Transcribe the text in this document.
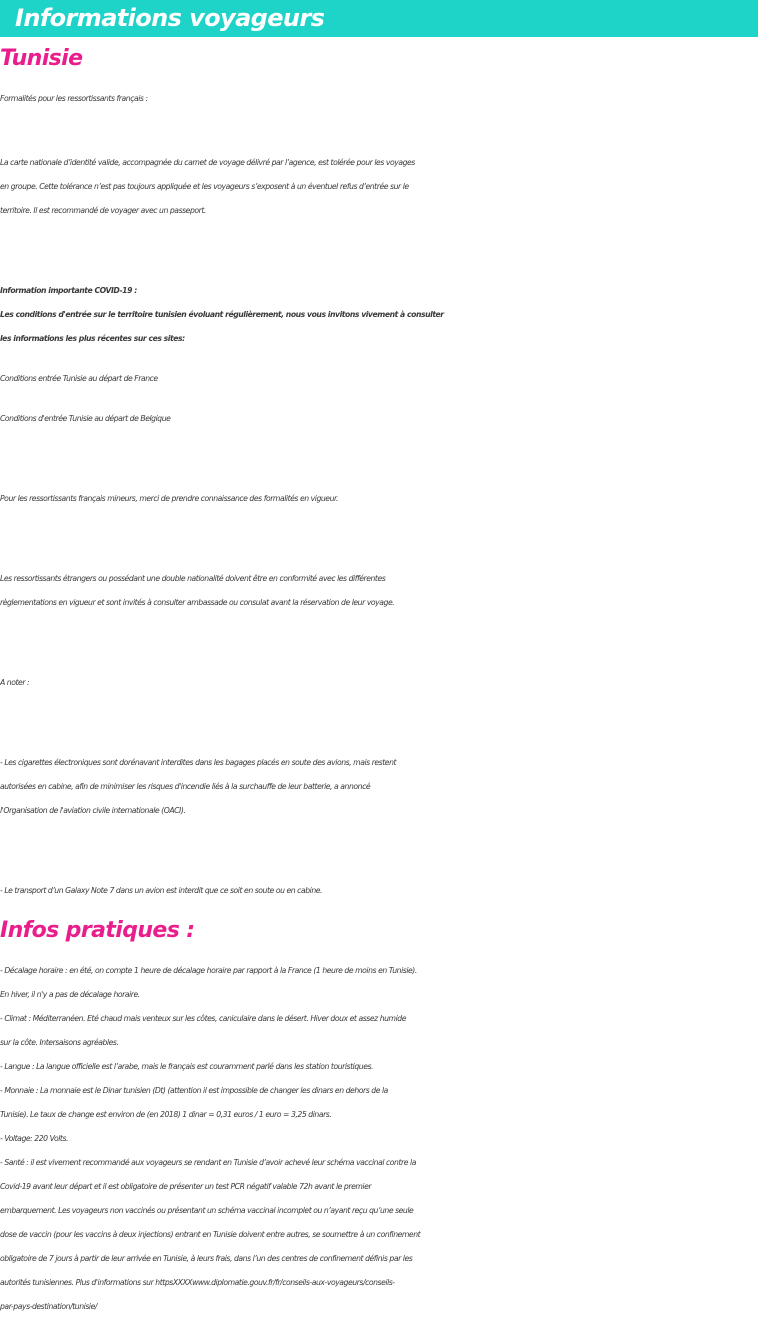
Informations voyageurs
Tunisie
Formalités pour les ressortissants français :
La carte nationale d’identité valide, accompagnée du carnet de voyage délivré par l’agence, est tolérée pour les voyages
en groupe. Cette tolérance n’est pas toujours appliquée et les voyageurs s’exposent à un éventuel refus d’entrée sur le
territoire. Il est recommandé de voyager avec un passeport.
Information importante COVID-19 :
Les conditions d'entrée sur le territoire tunisien évoluant régulièrement, nous vous invitons vivement à consulter
les informations les plus récentes sur ces sites:
Conditions entrée Tunisie au départ de France
Conditions d'entrée Tunisie au départ de Belgique
Pour les ressortissants français mineurs, merci de prendre connaissance des formalités en vigueur.
Les ressortissants étrangers ou possédant une double nationalité doivent être en conformité avec les différentes
règlementations en vigueur et sont invités à consulter ambassade ou consulat avant la réservation de leur voyage.
A noter :
- Les cigarettes électroniques sont dorénavant interdites dans les bagages placés en soute des avions, mais restent
autorisées en cabine, afin de minimiser les risques d'incendie liés à la surchauffe de leur batterie, a annoncé
l'Organisation de l'aviation civile internationale (OACI).
- Le transport d’un Galaxy Note 7 dans un avion est interdit que ce soit en soute ou en cabine.
Infos pratiques :
- Décalage horaire : en été, on compte 1 heure de décalage horaire par rapport à la France (1 heure de moins en Tunisie).
En hiver, il n'y a pas de décalage horaire.
- Climat : Méditerranéen. Eté chaud mais venteux sur les côtes, caniculaire dans le désert. Hiver doux et assez humide
sur la côte. Intersaisons agréables.
- Langue : La langue officielle est l’arabe, mais le français est couramment parlé dans les station touristiques.
- Monnaie : La monnaie est le Dinar tunisien (Dt) (attention il est impossible de changer les dinars en dehors de la
Tunisie). Le taux de change est environ de (en 2018) 1 dinar = 0,31 euros / 1 euro = 3,25 dinars.
- Voltage: 220 Volts.
- Santé : il est vivement recommandé aux voyageurs se rendant en Tunisie d’avoir achevé leur schéma vaccinal contre la
Covid-19 avant leur départ et il est obligatoire de présenter un test PCR négatif valable 72h avant le premier
embarquement. Les voyageurs non vaccinés ou présentant un schéma vaccinal incomplet ou n’ayant reçu qu’une seule
dose de vaccin (pour les vaccins à deux injections) entrant en Tunisie doivent entre autres, se soumettre à un confinement
obligatoire de 7 jours à partir de leur arrivée en Tunisie, à leurs frais, dans l’un des centres de confinement définis par les
autorités tunisiennes. Plus d'informations sur httpsXXXXwww.diplomatie.gouv.fr/fr/conseils-aux-voyageurs/conseils-
par-pays-destination/tunisie/
